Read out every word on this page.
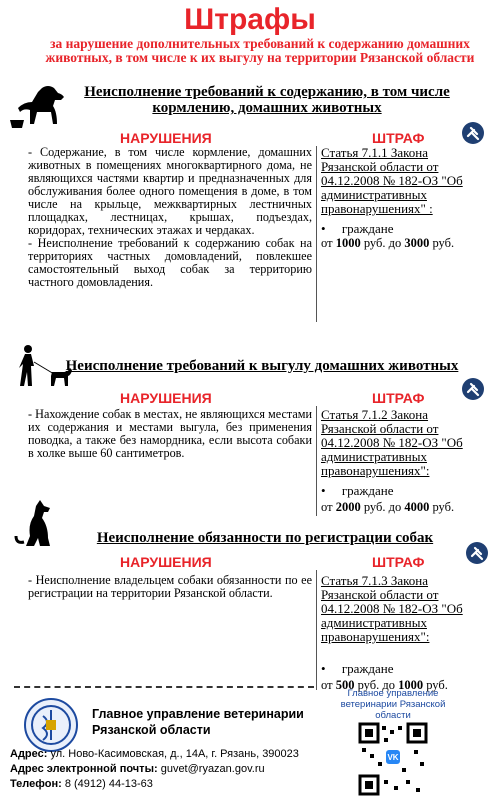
Штрафы
за нарушение дополнительных требований к содержанию домашних животных, в том числе к их выгулу на территории Рязанской области
Неисполнение требований к содержанию, в том числе кормлению, домашних животных
НАРУШЕНИЯ	ШТРАФ

- Содержание, в том числе кормление, домашних животных в помещениях многоквартирного дома, не являющихся частями квартир и предназначенных для обслуживания более одного помещения в доме, в том числе на крыльце, межквартирных лестничных площадках, лестницах, крышах, подъездах, коридорах, технических этажах и чердаках.

- Неисполнение требований к содержанию собак на территориях частных домовладений, повлекшее самостоятельный выход собак за территорию частного домовладения.

Статья 7.1.1 Закона Рязанской области от 04.12.2008 № 182-ОЗ "Об административных правонарушениях" :
•     граждане
от 1000 руб. до 3000 руб.
Неисполнение требований к выгулу домашних животных
НАРУШЕНИЯ	ШТРАФ

- Нахождение собак в местах, не являющихся местами их содержания и местами выгула, без применения поводка, а также без намордника, если высота собаки в холке выше 60 сантиметров.

Статья 7.1.2 Закона Рязанской области от 04.12.2008 № 182-ОЗ "Об административных правонарушениях":
•     граждане
от 2000 руб. до 4000 руб.
Неисполнение обязанности по регистрации собак
НАРУШЕНИЯ	ШТРАФ

- Неисполнение владельцем собаки обязанности по ее регистрации на территории Рязанской области.

Статья 7.1.3 Закона Рязанской области от 04.12.2008 № 182-ОЗ "Об административных правонарушениях":
•     граждане
от 500 руб. до 1000 руб.
Главное управление ветеринарии Рязанской области
Главное управление ветеринарии Рязанской области
VK
Адрес: ул. Ново-Касимовская, д., 14А, г. Рязань, 390023
Адрес электронной почты: guvet@ryazan.gov.ru
Телефон: 8 (4912) 44-13-63
